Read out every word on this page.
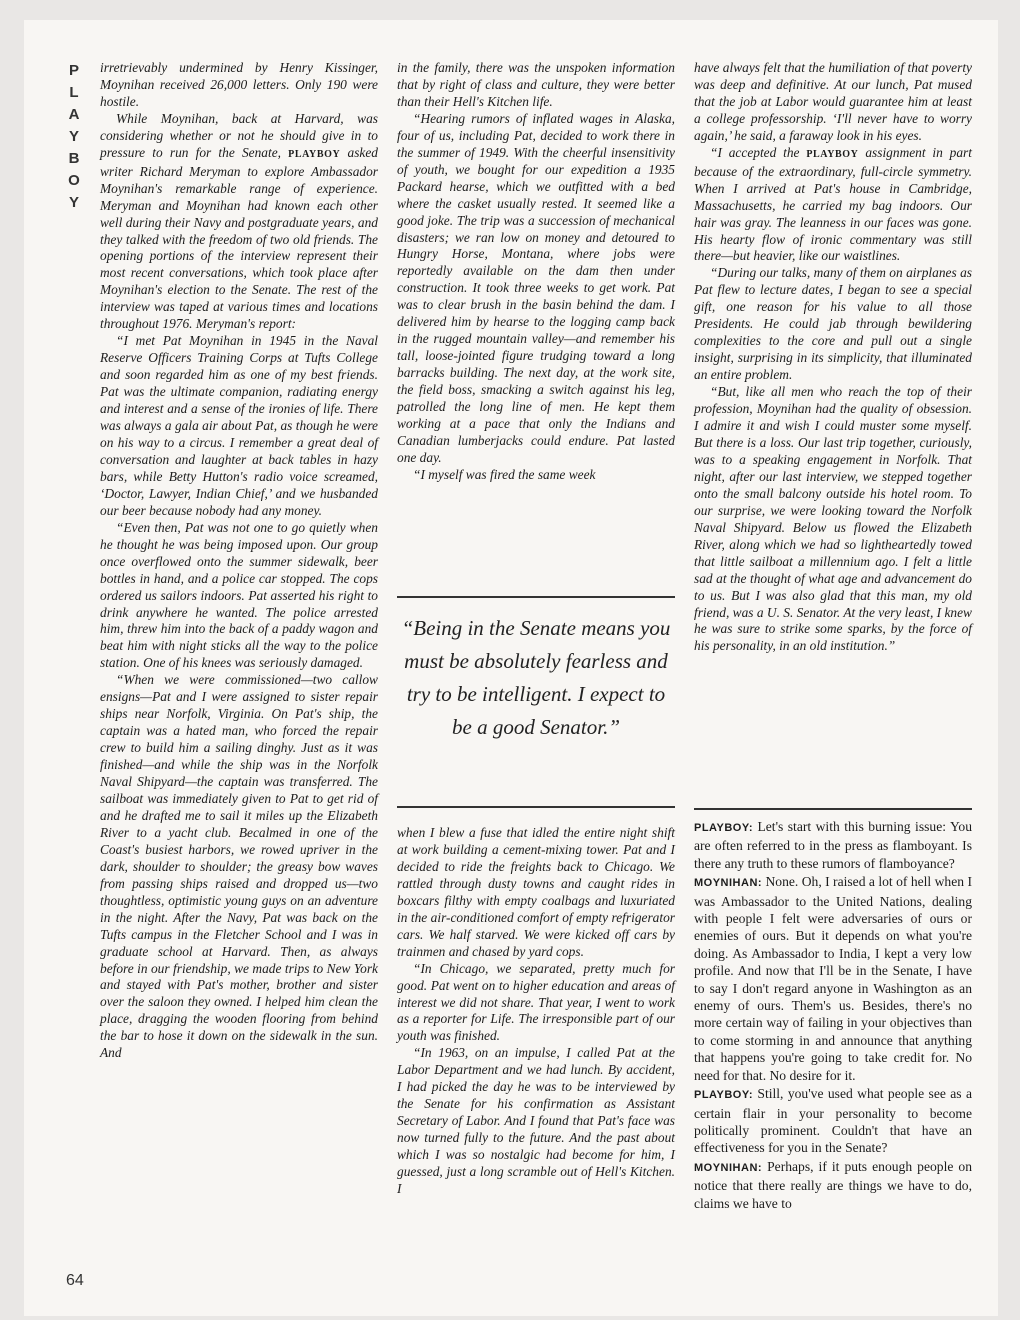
P
L
A
Y
B
O
Y
64

irretrievably undermined by Henry Kissinger, Moynihan received 26,000 letters. Only 190 were hostile.

While Moynihan, back at Harvard, was considering whether or not he should give in to pressure to run for the Senate, PLAYBOY asked writer Richard Meryman to explore Ambassador Moynihan's remarkable range of experience. Meryman and Moynihan had known each other well during their Navy and postgraduate years, and they talked with the freedom of two old friends. The opening portions of the interview represent their most recent conversations, which took place after Moynihan's election to the Senate. The rest of the interview was taped at various times and locations throughout 1976. Meryman's report:

“I met Pat Moynihan in 1945 in the Naval Reserve Officers Training Corps at Tufts College and soon regarded him as one of my best friends. Pat was the ultimate companion, radiating energy and interest and a sense of the ironies of life. There was always a gala air about Pat, as though he were on his way to a circus. I remember a great deal of conversation and laughter at back tables in hazy bars, while Betty Hutton's radio voice screamed, ‘Doctor, Lawyer, Indian Chief,’ and we husbanded our beer because nobody had any money.

“Even then, Pat was not one to go quietly when he thought he was being imposed upon. Our group once overflowed onto the summer sidewalk, beer bottles in hand, and a police car stopped. The cops ordered us sailors indoors. Pat asserted his right to drink anywhere he wanted. The police arrested him, threw him into the back of a paddy wagon and beat him with night sticks all the way to the police station. One of his knees was seriously damaged.

“When we were commissioned—two callow ensigns—Pat and I were assigned to sister repair ships near Norfolk, Virginia. On Pat's ship, the captain was a hated man, who forced the repair crew to build him a sailing dinghy. Just as it was finished—and while the ship was in the Norfolk Naval Shipyard—the captain was transferred. The sailboat was immediately given to Pat to get rid of and he drafted me to sail it miles up the Elizabeth River to a yacht club. Becalmed in one of the Coast's busiest harbors, we rowed upriver in the dark, shoulder to shoulder; the greasy bow waves from passing ships raised and dropped us—two thoughtless, optimistic young guys on an adventure in the night. After the Navy, Pat was back on the Tufts campus in the Fletcher School and I was in graduate school at Harvard. Then, as always before in our friendship, we made trips to New York and stayed with Pat's mother, brother and sister over the saloon they owned. I helped him clean the place, dragging the wooden flooring from behind the bar to hose it down on the sidewalk in the sun. And

in the family, there was the unspoken information that by right of class and culture, they were better than their Hell's Kitchen life.

“Hearing rumors of inflated wages in Alaska, four of us, including Pat, decided to work there in the summer of 1949. With the cheerful insensitivity of youth, we bought for our expedition a 1935 Packard hearse, which we outfitted with a bed where the casket usually rested. It seemed like a good joke. The trip was a succession of mechanical disasters; we ran low on money and detoured to Hungry Horse, Montana, where jobs were reportedly available on the dam then under construction. It took three weeks to get work. Pat was to clear brush in the basin behind the dam. I delivered him by hearse to the logging camp back in the rugged mountain valley—and remember his tall, loose-jointed figure trudging toward a long barracks building. The next day, at the work site, the field boss, smacking a switch against his leg, patrolled the long line of men. He kept them working at a pace that only the Indians and Canadian lumberjacks could endure. Pat lasted one day.

“I myself was fired the same week

“Being in the Senate means you must be absolutely fearless and try to be intelligent. I expect to be a good Senator.”

when I blew a fuse that idled the entire night shift at work building a cement-mixing tower. Pat and I decided to ride the freights back to Chicago. We rattled through dusty towns and caught rides in boxcars filthy with empty coalbags and luxuriated in the air-conditioned comfort of empty refrigerator cars. We half starved. We were kicked off cars by trainmen and chased by yard cops.

“In Chicago, we separated, pretty much for good. Pat went on to higher education and areas of interest we did not share. That year, I went to work as a reporter for Life. The irresponsible part of our youth was finished.

“In 1963, on an impulse, I called Pat at the Labor Department and we had lunch. By accident, I had picked the day he was to be interviewed by the Senate for his confirmation as Assistant Secretary of Labor. And I found that Pat's face was now turned fully to the future. And the past about which I was so nostalgic had become for him, I guessed, just a long scramble out of Hell's Kitchen. I

have always felt that the humiliation of that poverty was deep and definitive. At our lunch, Pat mused that the job at Labor would guarantee him at least a college professorship. ‘I'll never have to worry again,’ he said, a faraway look in his eyes.

“I accepted the PLAYBOY assignment in part because of the extraordinary, full-circle symmetry. When I arrived at Pat's house in Cambridge, Massachusetts, he carried my bag indoors. Our hair was gray. The leanness in our faces was gone. His hearty flow of ironic commentary was still there—but heavier, like our waistlines.

“During our talks, many of them on airplanes as Pat flew to lecture dates, I began to see a special gift, one reason for his value to all those Presidents. He could jab through bewildering complexities to the core and pull out a single insight, surprising in its simplicity, that illuminated an entire problem.

“But, like all men who reach the top of their profession, Moynihan had the quality of obsession. I admire it and wish I could muster some myself. But there is a loss. Our last trip together, curiously, was to a speaking engagement in Norfolk. That night, after our last interview, we stepped together onto the small balcony outside his hotel room. To our surprise, we were looking toward the Norfolk Naval Shipyard. Below us flowed the Elizabeth River, along which we had so lightheartedly towed that little sailboat a millennium ago. I felt a little sad at the thought of what age and advancement do to us. But I was also glad that this man, my old friend, was a U. S. Senator. At the very least, I knew he was sure to strike some sparks, by the force of his personality, in an old institution.”

PLAYBOY: Let's start with this burning issue: You are often referred to in the press as flamboyant. Is there any truth to these rumors of flamboyance?

MOYNIHAN: None. Oh, I raised a lot of hell when I was Ambassador to the United Nations, dealing with people I felt were adversaries of ours or enemies of ours. But it depends on what you're doing. As Ambassador to India, I kept a very low profile. And now that I'll be in the Senate, I have to say I don't regard anyone in Washington as an enemy of ours. Them's us. Besides, there's no more certain way of failing in your objectives than to come storming in and announce that anything that happens you're going to take credit for. No need for that. No desire for it.

PLAYBOY: Still, you've used what people see as a certain flair in your personality to become politically prominent. Couldn't that have an effectiveness for you in the Senate?

MOYNIHAN: Perhaps, if it puts enough people on notice that there really are things we have to do, claims we have to
